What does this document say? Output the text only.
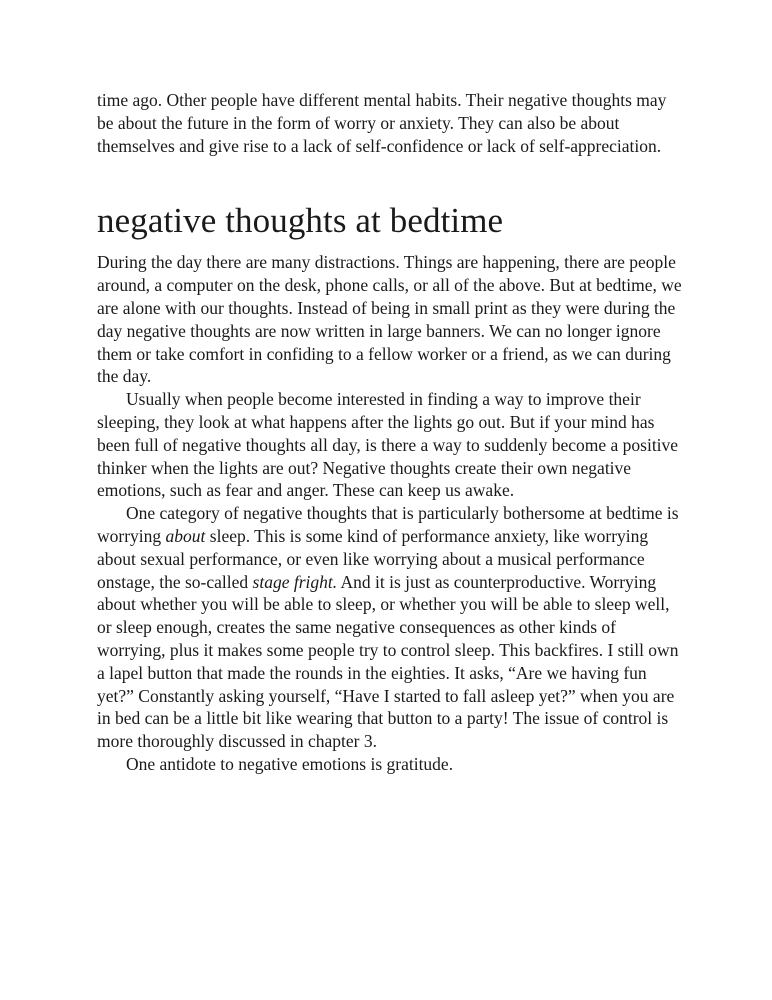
time ago. Other people have different mental habits. Their negative thoughts may be about the future in the form of worry or anxiety. They can also be about themselves and give rise to a lack of self-confidence or lack of self-appreciation.

negative thoughts at bedtime

During the day there are many distractions. Things are happening, there are people around, a computer on the desk, phone calls, or all of the above. But at bedtime, we are alone with our thoughts. Instead of being in small print as they were during the day negative thoughts are now written in large banners. We can no longer ignore them or take comfort in confiding to a fellow worker or a friend, as we can during the day.

Usually when people become interested in finding a way to improve their sleeping, they look at what happens after the lights go out. But if your mind has been full of negative thoughts all day, is there a way to suddenly become a positive thinker when the lights are out? Negative thoughts create their own negative emotions, such as fear and anger. These can keep us awake.

One category of negative thoughts that is particularly bothersome at bedtime is worrying about sleep. This is some kind of performance anxiety, like worrying about sexual performance, or even like worrying about a musical performance onstage, the so-called stage fright. And it is just as counterproductive. Worrying about whether you will be able to sleep, or whether you will be able to sleep well, or sleep enough, creates the same negative consequences as other kinds of worrying, plus it makes some people try to control sleep. This backfires. I still own a lapel button that made the rounds in the eighties. It asks, “Are we having fun yet?” Constantly asking yourself, “Have I started to fall asleep yet?” when you are in bed can be a little bit like wearing that button to a party! The issue of control is more thoroughly discussed in chapter 3.

One antidote to negative emotions is gratitude.
